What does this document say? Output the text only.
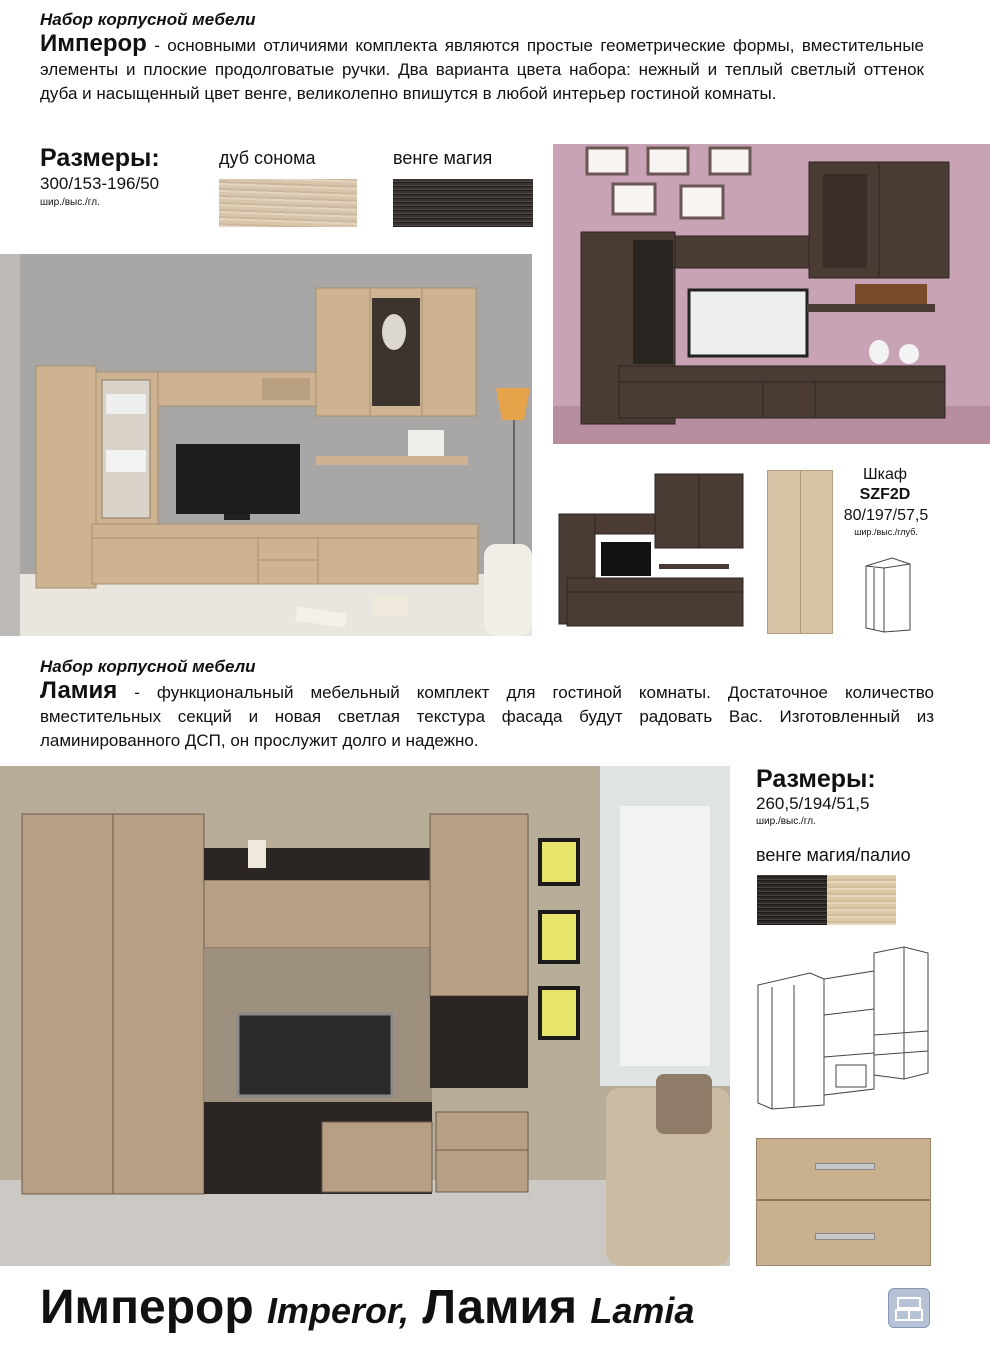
Набор корпусной мебели
Имперор - основными отличиями комплекта являются простые геометрические формы, вместительные элементы и плоские продолговатые ручки. Два варианта цвета набора: нежный и теплый светлый оттенок дуба и насыщенный цвет венге, великолепно впишутся в любой интерьер гостиной комнаты.
Размеры:
300/153-196/50
шир./выс./гл.
дуб сонома	венге магия
Шкаф
SZF2D
80/197/57,5
шир./выс./глуб.
Набор корпусной мебели
Ламия - функциональный мебельный комплект для гостиной комнаты. Достаточное количество вместительных секций и новая светлая текстура фасада будут радовать Вас. Изготовленный из ламинированного ДСП, он прослужит долго и надежно.
Размеры:
260,5/194/51,5
шир./выс./гл.
венге магия/палио
Имперор Imperor, Ламия Lamia
